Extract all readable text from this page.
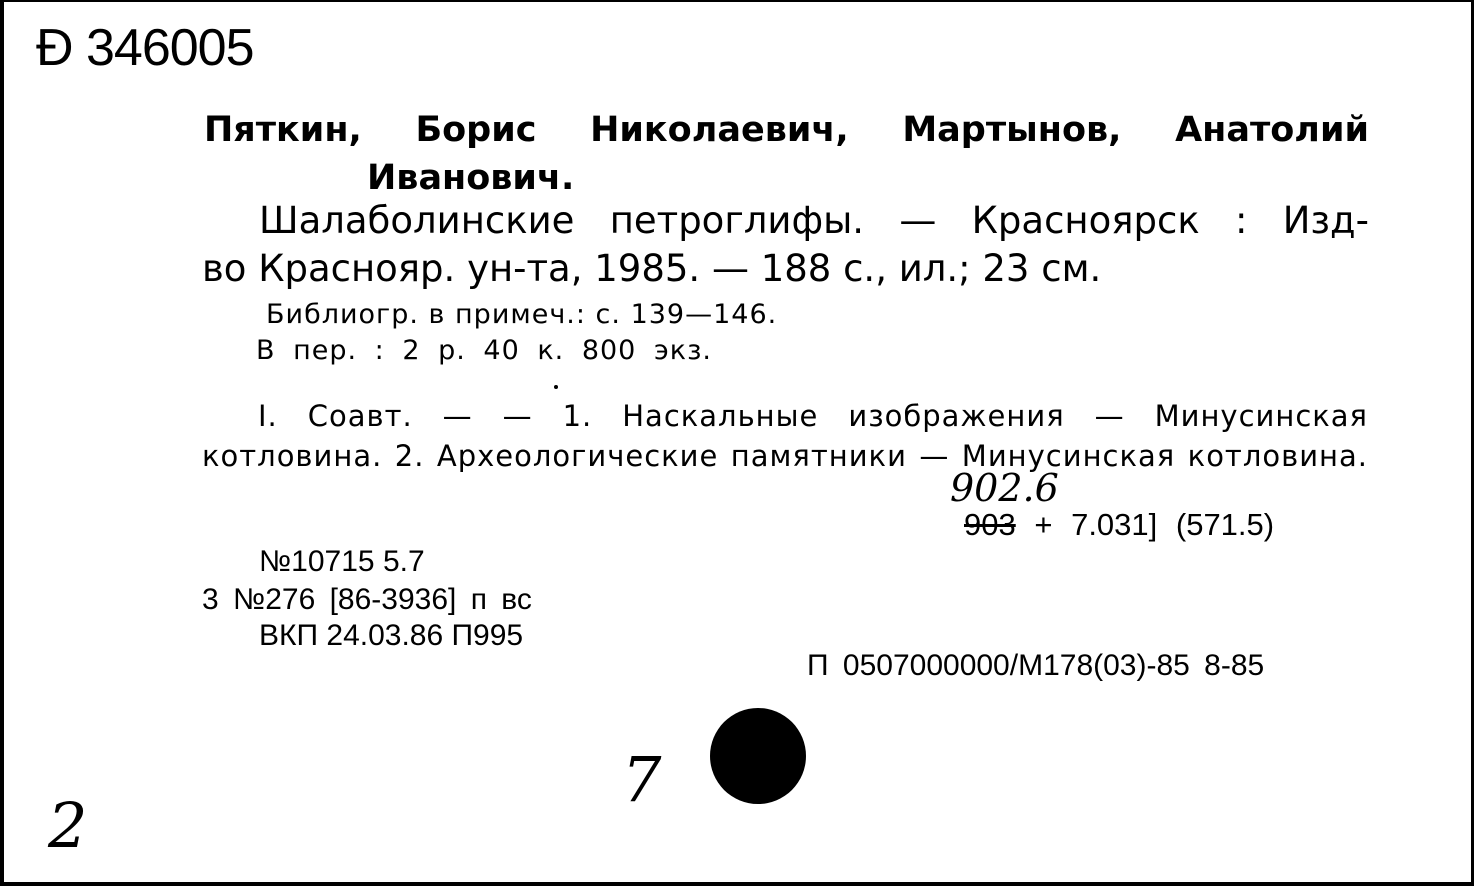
Ɖ 346005
Пяткин, Борис Николаевич, Мартынов, Анатолий
Иванович.
Шалаболинские петроглифы. — Красноярск : Изд-
во Краснояр. ун-та, 1985. — 188 с., ил.; 23 см.
Библиогр. в примеч.: с. 139—146.
В пер. : 2 р. 40 к. 800 экз.
I. Соавт. — — 1. Наскальные изображения — Минусинская
котловина. 2. Археологические памятники — Минусинская котловина.
902.6
903 + 7.031] (571.5)
№10715 5.7
3 №276 [86-3936] п вс
ВКП 24.03.86 П995
П 0507000000/М178(03)-85 8-85
7
2
